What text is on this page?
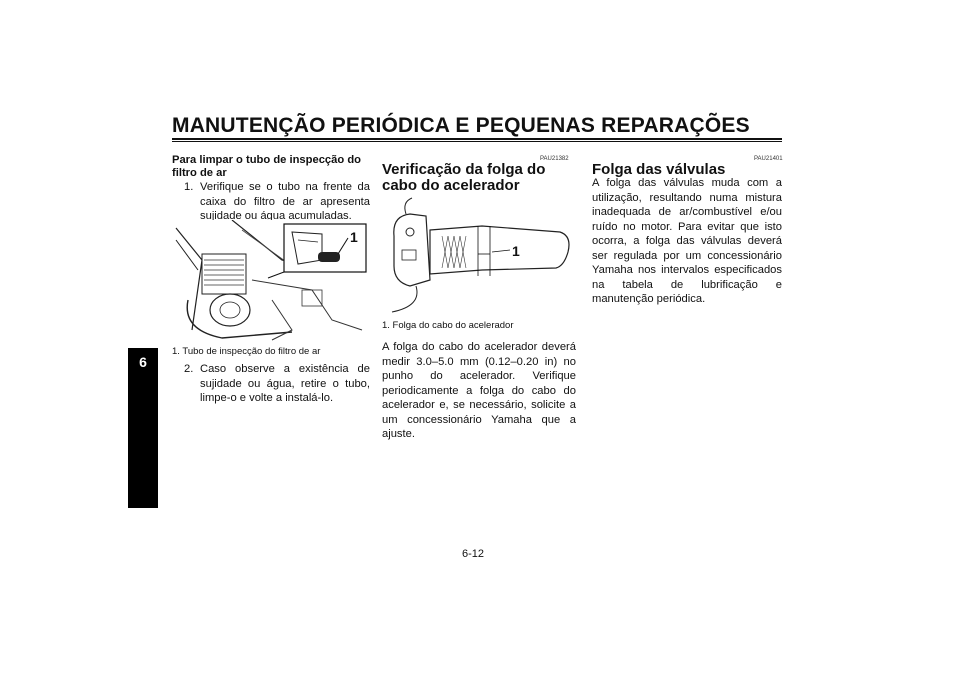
MANUTENÇÃO PERIÓDICA E PEQUENAS REPARAÇÕES
6
Para limpar o tubo de inspecção do filtro de ar
1. Verifique se o tubo na frente da caixa do filtro de ar apresenta sujidade ou água acumuladas.
1
1. Tubo de inspecção do filtro de ar
2. Caso observe a existência de sujidade ou água, retire o tubo, limpe-o e volte a instalá-lo.
PAU21382
Verificação da folga do cabo do acelerador
1
1. Folga do cabo do acelerador
A folga do cabo do acelerador deverá medir 3.0–5.0 mm (0.12–0.20 in) no punho do acelerador. Verifique periodicamente a folga do cabo do acelerador e, se necessário, solicite a um concessionário Yamaha que a ajuste.
PAU21401
Folga das válvulas
A folga das válvulas muda com a utilização, resultando numa mistura inadequada de ar/combustível e/ou ruído no motor. Para evitar que isto ocorra, a folga das válvulas deverá ser regulada por um concessionário Yamaha nos intervalos especificados na tabela de lubrificação e manutenção periódica.
6-12
